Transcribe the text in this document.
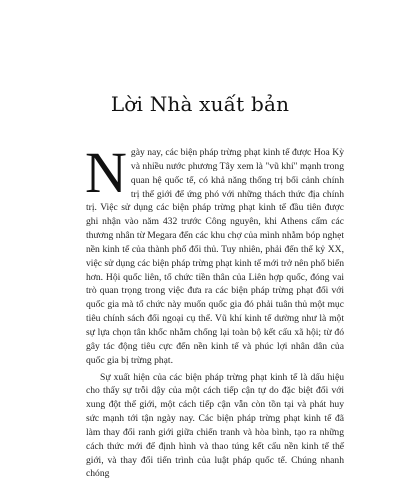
Lời Nhà xuất bản

Ngày nay, các biện pháp trừng phạt kinh tế được Hoa Kỳ và nhiều nước phương Tây xem là "vũ khí" mạnh trong quan hệ quốc tế, có khả năng thống trị bối cảnh chính trị thế giới để ứng phó với những thách thức địa chính trị. Việc sử dụng các biện pháp trừng phạt kinh tế đầu tiên được ghi nhận vào năm 432 trước Công nguyên, khi Athens cấm các thương nhân từ Megara đến các khu chợ của mình nhằm bóp nghẹt nền kinh tế của thành phố đối thủ. Tuy nhiên, phải đến thế kỷ XX, việc sử dụng các biện pháp trừng phạt kinh tế mới trở nên phổ biến hơn. Hội quốc liên, tổ chức tiền thân của Liên hợp quốc, đóng vai trò quan trọng trong việc đưa ra các biện pháp trừng phạt đối với quốc gia mà tổ chức này muốn quốc gia đó phải tuân thủ một mục tiêu chính sách đối ngoại cụ thể. Vũ khí kinh tế dường như là một sự lựa chọn tân khốc nhằm chống lại toàn bộ kết cấu xã hội; từ đó gây tác động tiêu cực đến nền kinh tế và phúc lợi nhân dân của quốc gia bị trừng phạt.

Sự xuất hiện của các biện pháp trừng phạt kinh tế là dấu hiệu cho thấy sự trỗi dậy của một cách tiếp cận tự do đặc biệt đối với xung đột thế giới, một cách tiếp cận vẫn còn tồn tại và phát huy sức mạnh tới tận ngày nay. Các biện pháp trừng phạt kinh tế đã làm thay đổi ranh giới giữa chiến tranh và hòa bình, tạo ra những cách thức mới để định hình và thao túng kết cấu nền kinh tế thế giới, và thay đổi tiến trình của luật pháp quốc tế. Chúng nhanh chóng
